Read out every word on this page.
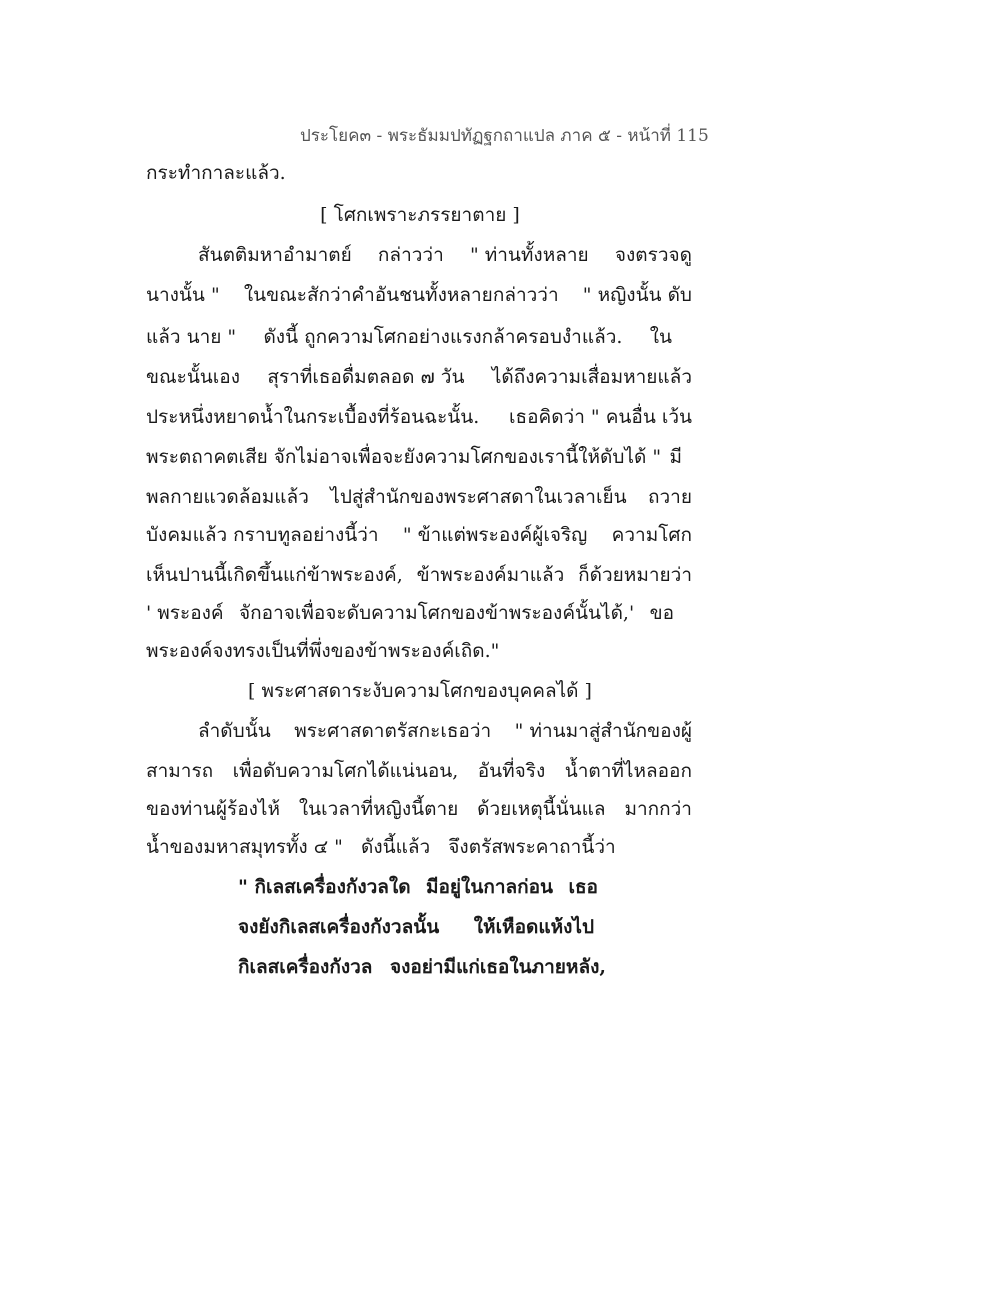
ประโยค๓ - พระธัมมปทัฏฐกถาแปล ภาค ๕ - หน้าที่ 115
กระทำกาละแล้ว.
[ โศกเพราะภรรยาตาย ]
สันตติมหาอำมาตย์ กล่าวว่า " ท่านทั้งหลาย จงตรวจดู
นางนั้น " ในขณะสักว่าคำอันชนทั้งหลายกล่าวว่า " หญิงนั้น ดับ
แล้ว นาย " ดังนี้ ถูกความโศกอย่างแรงกล้าครอบงำแล้ว. ใน
ขณะนั้นเอง สุราที่เธอดื่มตลอด ๗ วัน ได้ถึงความเสื่อมหายแล้ว
ประหนึ่งหยาดน้ำในกระเบื้องที่ร้อนฉะนั้น. เธอคิดว่า " คนอื่น เว้น
พระตถาคตเสีย จักไม่อาจเพื่อจะยังความโศกของเรานี้ให้ดับได้ " มี
พลกายแวดล้อมแล้ว ไปสู่สำนักของพระศาสดาในเวลาเย็น ถวาย
บังคมแล้ว กราบทูลอย่างนี้ว่า " ข้าแต่พระองค์ผู้เจริญ ความโศก
เห็นปานนี้เกิดขึ้นแก่ข้าพระองค์, ข้าพระองค์มาแล้ว ก็ด้วยหมายว่า
' พระองค์ จักอาจเพื่อจะดับความโศกของข้าพระองค์นั้นได้,' ขอ
พระองค์จงทรงเป็นที่พึ่งของข้าพระองค์เถิด."
[ พระศาสดาระงับความโศกของบุคคลได้ ]
ลำดับนั้น พระศาสดาตรัสกะเธอว่า " ท่านมาสู่สำนักของผู้
สามารถ เพื่อดับความโศกได้แน่นอน, อันที่จริง น้ำตาที่ไหลออก
ของท่านผู้ร้องไห้ ในเวลาที่หญิงนี้ตาย ด้วยเหตุนี้นั่นแล มากกว่า
น้ำของมหาสมุทรทั้ง ๔ "   ดังนี้แล้ว   จึงตรัสพระคาถานี้ว่า
" กิเลสเครื่องกังวลใด มีอยู่ในกาลก่อน เธอ
จงยังกิเลสเครื่องกังวลนั้น ให้เหือดแห้งไป
กิเลสเครื่องกังวล จงอย่ามีแก่เธอในภายหลัง,
